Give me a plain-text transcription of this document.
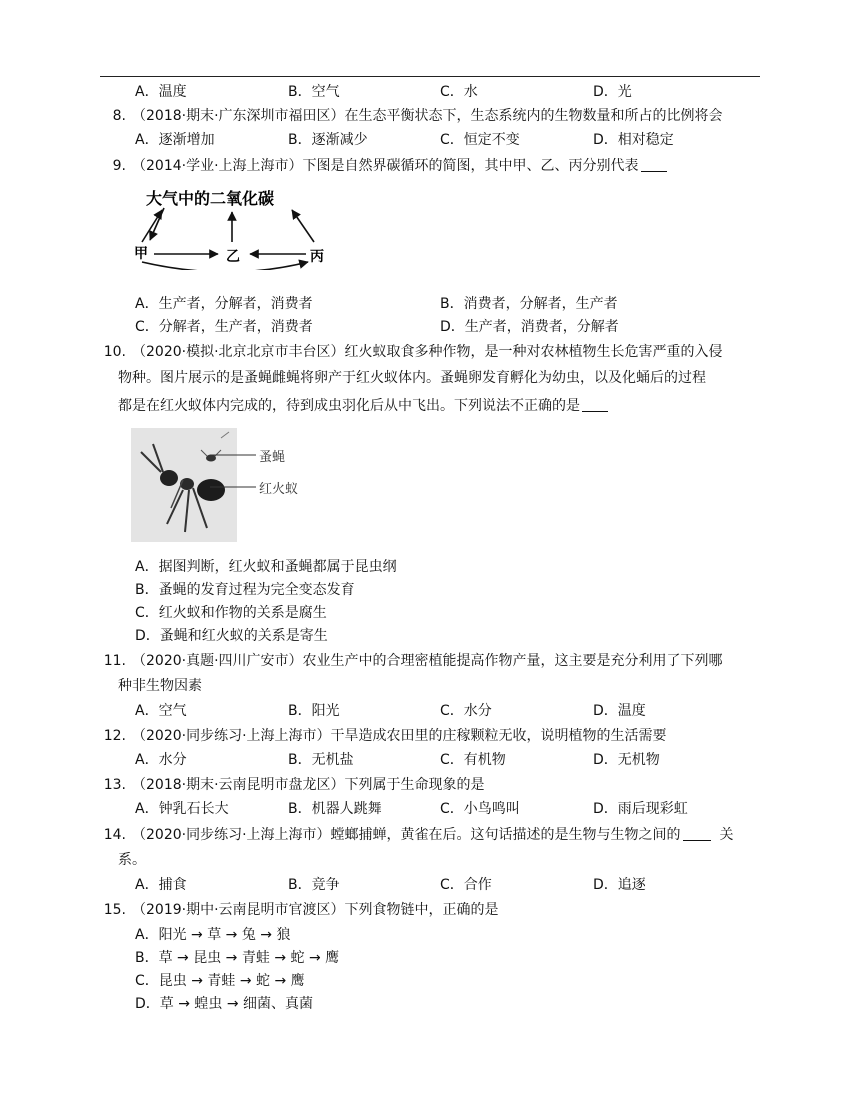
A．温度	B．空气	C．水	D．光
8. （2018·期末·广东深圳市福田区）在生态平衡状态下，生态系统内的生物数量和所占的比例将会
A．逐渐增加	B．逐渐减少	C．恒定不变	D．相对稳定
9. （2014·学业·上海上海市）下图是自然界碳循环的简图，其中甲、乙、丙分别代表
大气中的二氧化碳
甲	乙	丙
A．生产者，分解者，消费者	B．消费者，分解者，生产者
C．分解者，生产者，消费者	D．生产者，消费者，分解者
10. （2020·模拟·北京北京市丰台区）红火蚁取食多种作物，是一种对农林植物生长危害严重的入侵
物种。图片展示的是蚤蝇雌蝇将卵产于红火蚁体内。蚤蝇卵发育孵化为幼虫，以及化蛹后的过程
都是在红火蚁体内完成的，待到成虫羽化后从中飞出。下列说法不正确的是
蚤蝇
红火蚁
A．据图判断，红火蚁和蚤蝇都属于昆虫纲
B．蚤蝇的发育过程为完全变态发育
C．红火蚁和作物的关系是腐生
D．蚤蝇和红火蚁的关系是寄生
11. （2020·真题·四川广安市）农业生产中的合理密植能提高作物产量，这主要是充分利用了下列哪
种非生物因素
A．空气	B．阳光	C．水分	D．温度
12. （2020·同步练习·上海上海市）干旱造成农田里的庄稼颗粒无收，说明植物的生活需要
A．水分	B．无机盐	C．有机物	D．无机物
13. （2018·期末·云南昆明市盘龙区）下列属于生命现象的是
A．钟乳石长大	B．机器人跳舞	C．小鸟鸣叫	D．雨后现彩虹
14. （2020·同步练习·上海上海市）螳螂捕蝉，黄雀在后。这句话描述的是生物与生物之间的	关
系。
A．捕食	B．竞争	C．合作	D．追逐
15. （2019·期中·云南昆明市官渡区）下列食物链中，正确的是
A．阳光 → 草 → 兔 → 狼
B．草 → 昆虫 → 青蛙 → 蛇 → 鹰
C．昆虫 → 青蛙 → 蛇 → 鹰
D．草 → 蝗虫 → 细菌、真菌
